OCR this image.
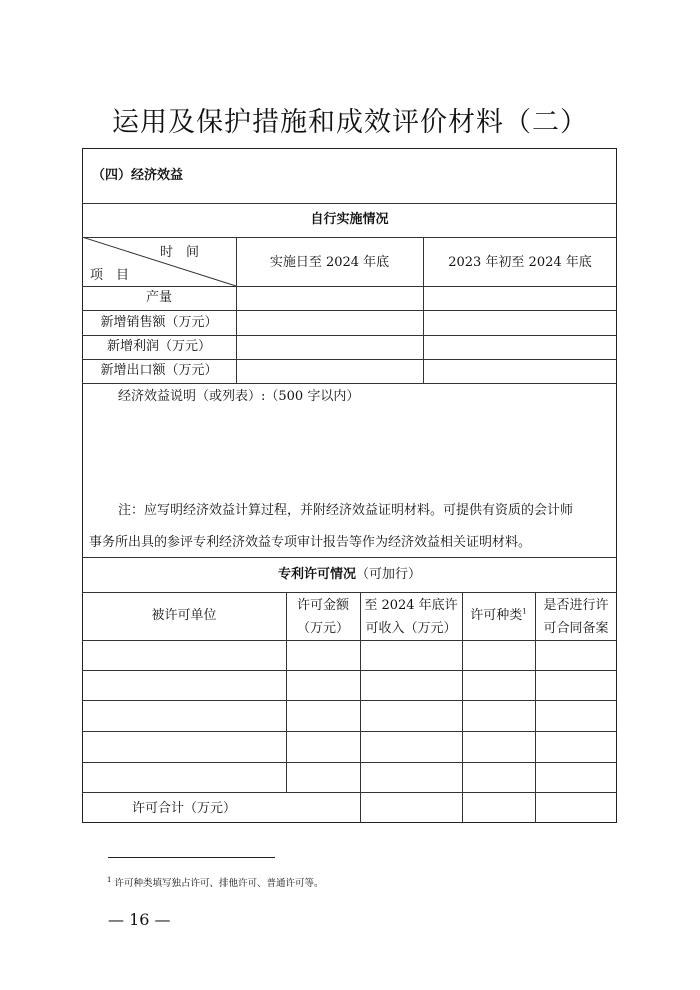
运用及保护措施和成效评价材料（二）
（四）经济效益
自行实施情况
时　间
项　目
实施日至 2024 年底	2023 年初至 2024 年底
产量
新增销售额（万元）
新增利润（万元）
新增出口额（万元）
经济效益说明（或列表）:（500 字以内）
注：应写明经济效益计算过程，并附经济效益证明材料。可提供有资质的会计师
事务所出具的参评专利经济效益专项审计报告等作为经济效益相关证明材料。
专利许可情况（可加行）
被许可单位
许可金额
（万元）
至 2024 年底许
可收入（万元）
许可种类$^1$	是否进行许
可合同备案
许可合计（万元）
$^1$ 许可种类填写独占许可、排他许可、普通许可等。
— 16 —
